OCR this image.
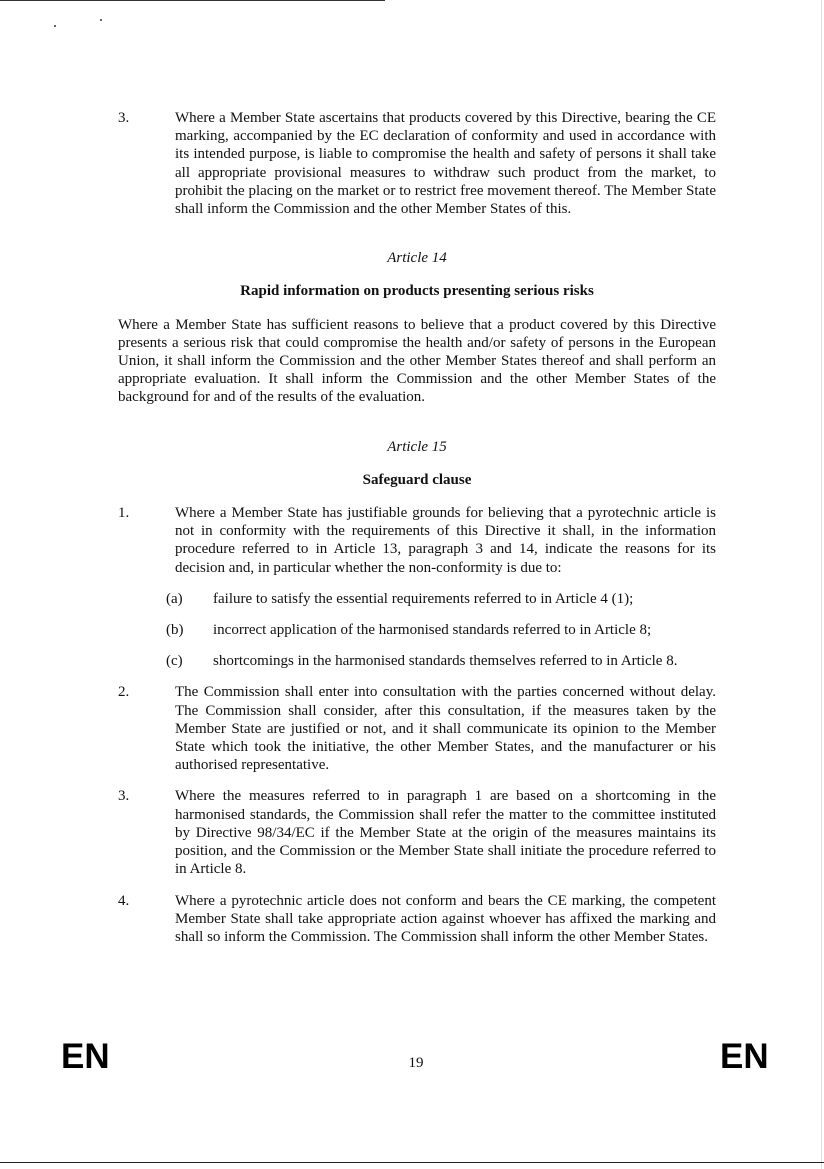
3.	Where a Member State ascertains that products covered by this Directive, bearing the CE marking, accompanied by the EC declaration of conformity and used in accordance with its intended purpose, is liable to compromise the health and safety of persons it shall take all appropriate provisional measures to withdraw such product from the market, to prohibit the placing on the market or to restrict free movement thereof. The Member State shall inform the Commission and the other Member States of this.
Article 14
Rapid information on products presenting serious risks
Where a Member State has sufficient reasons to believe that a product covered by this Directive presents a serious risk that could compromise the health and/or safety of persons in the European Union, it shall inform the Commission and the other Member States thereof and shall perform an appropriate evaluation. It shall inform the Commission and the other Member States of the background for and of the results of the evaluation.
Article 15
Safeguard clause
1.	Where a Member State has justifiable grounds for believing that a pyrotechnic article is not in conformity with the requirements of this Directive it shall, in the information procedure referred to in Article 13, paragraph 3 and 14, indicate the reasons for its decision and, in particular whether the non-conformity is due to:
(a)	failure to satisfy the essential requirements referred to in Article 4 (1);
(b)	incorrect application of the harmonised standards referred to in Article 8;
(c)	shortcomings in the harmonised standards themselves referred to in Article 8.
2.	The Commission shall enter into consultation with the parties concerned without delay. The Commission shall consider, after this consultation, if the measures taken by the Member State are justified or not, and it shall communicate its opinion to the Member State which took the initiative, the other Member States, and the manufacturer or his authorised representative.
3.	Where the measures referred to in paragraph 1 are based on a shortcoming in the harmonised standards, the Commission shall refer the matter to the committee instituted by Directive 98/34/EC if the Member State at the origin of the measures maintains its position, and the Commission or the Member State shall initiate the procedure referred to in Article 8.
4.	Where a pyrotechnic article does not conform and bears the CE marking, the competent Member State shall take appropriate action against whoever has affixed the marking and shall so inform the Commission. The Commission shall inform the other Member States.
EN	19	EN
